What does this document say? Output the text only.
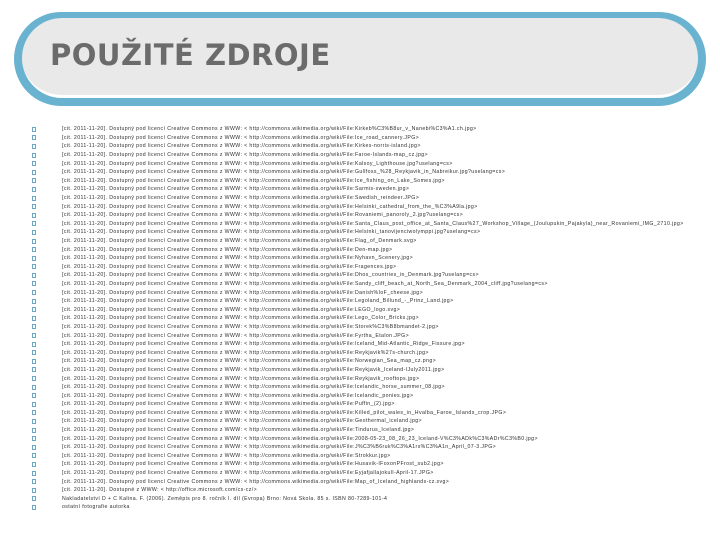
POUŽITÉ ZDROJE
[cit. 2011-11-20]. Dostupný pod licencí Creative Commons z WWW: < http://commons.wikimedia.org/wiki/File:Kirkeb%C3%B8ur_v_Nanebi%C3%A1.ch.jpg>
[cit. 2011-11-20]. Dostupný pod licencí Creative Commons z WWW: < http://commons.wikimedia.org/wiki/File:Ice_road_cannery.JPG>
[cit. 2011-11-20]. Dostupný pod licencí Creative Commons z WWW: < http://commons.wikimedia.org/wiki/File:Kirkes-norris-island.jpg>
[cit. 2011-11-20]. Dostupný pod licencí Creative Commons z WWW: < http://commons.wikimedia.org/wiki/File:Faroe-Islands-map_cz.jpg>
[cit. 2011-11-20]. Dostupný pod licencí Creative Commons z WWW: < http://commons.wikimedia.org/wiki/File:Kalsoy_Lighthouse.jpg?uselang=cs>
[cit. 2011-11-20]. Dostupný pod licencí Creative Commons z WWW: < http://commons.wikimedia.org/wiki/File:Gullfoss_%28_Reykjavik_in_Nabreikur.jpg?uselang=cs>
[cit. 2011-11-20]. Dostupný pod licencí Creative Commons z WWW: < http://commons.wikimedia.org/wiki/File:Ice_fishing_on_Lake_Somes.jpg>
[cit. 2011-11-20]. Dostupný pod licencí Creative Commons z WWW: < http://commons.wikimedia.org/wiki/File:Sarmis-sweden.jpg>
[cit. 2011-11-20]. Dostupný pod licencí Creative Commons z WWW: < http://commons.wikimedia.org/wiki/File:Swedish_reindeer.JPG>
[cit. 2011-11-20]. Dostupný pod licencí Creative Commons z WWW: < http://commons.wikimedia.org/wiki/File:Helsinki_cathedral_from_the_%C3%A9la.jpg>
[cit. 2011-11-20]. Dostupný pod licencí Creative Commons z WWW: < http://commons.wikimedia.org/wiki/File:Rovaniemi_panoroly_2.jpg?uselang=cs>
[cit. 2011-11-20]. Dostupný pod licencí Creative Commons z WWW: < http://commons.wikimedia.org/wiki/File:Santa_Claus_post_office_at_Santa_Claus%27_Workshop_Village_(Joulupukin_Pajakyla)_near_Rovaniemi_IMG_2710.jpg>
[cit. 2011-11-20]. Dostupný pod licencí Creative Commons z WWW: < http://commons.wikimedia.org/wiki/File:Helsinki_tanovijenciwolymppi.jpg?uselang=cs>
[cit. 2011-11-20]. Dostupný pod licencí Creative Commons z WWW: < http://commons.wikimedia.org/wiki/File:Flag_of_Denmark.svg>
[cit. 2011-11-20]. Dostupný pod licencí Creative Commons z WWW: < http://commons.wikimedia.org/wiki/File:Den-map.jpg>
[cit. 2011-11-20]. Dostupný pod licencí Creative Commons z WWW: < http://commons.wikimedia.org/wiki/File:Nyhavn_Scenery.jpg>
[cit. 2011-11-20]. Dostupný pod licencí Creative Commons z WWW: < http://commons.wikimedia.org/wiki/File:Fragences.jpg>
[cit. 2011-11-20]. Dostupný pod licencí Creative Commons z WWW: < http://commons.wikimedia.org/wiki/File:Dhos_countries_in_Denmark.jpg?uselang=cs>
[cit. 2011-11-20]. Dostupný pod licencí Creative Commons z WWW: < http://commons.wikimedia.org/wiki/File:Sandy_cliff_beach_at_North_Sea_Denmark_2004_cliff.jpg?uselang=cs>
[cit. 2011-11-20]. Dostupný pod licencí Creative Commons z WWW: < http://commons.wikimedia.org/wiki/File:Danish%IoF_cheese.jpg>
[cit. 2011-11-20]. Dostupný pod licencí Creative Commons z WWW: < http://commons.wikimedia.org/wiki/File:Legoland_Billund_-_Prinz_Land.jpg>
[cit. 2011-11-20]. Dostupný pod licencí Creative Commons z WWW: < http://commons.wikimedia.org/wiki/File:LEGO_logo.svg>
[cit. 2011-11-20]. Dostupný pod licencí Creative Commons z WWW: < http://commons.wikimedia.org/wiki/File:Lego_Color_Bricks.jpg>
[cit. 2011-11-20]. Dostupný pod licencí Creative Commons z WWW: < http://commons.wikimedia.org/wiki/File:Storek%C3%B8bmandet-2.jpg>
[cit. 2011-11-20]. Dostupný pod licencí Creative Commons z WWW: < http://commons.wikimedia.org/wiki/File:Fyrtha_Etalon.JPG>
[cit. 2011-11-20]. Dostupný pod licencí Creative Commons z WWW: < http://commons.wikimedia.org/wiki/File:Iceland_Mid-Atlantic_Ridge_Fissure.jpg>
[cit. 2011-11-20]. Dostupný pod licencí Creative Commons z WWW: < http://commons.wikimedia.org/wiki/File:Reykjavik%27s-church.jpg>
[cit. 2011-11-20]. Dostupný pod licencí Creative Commons z WWW: < http://commons.wikimedia.org/wiki/File:Norwegian_Sea_map_cz.png>
[cit. 2011-11-20]. Dostupný pod licencí Creative Commons z WWW: < http://commons.wikimedia.org/wiki/File:Reykjavik_Iceland-IJuly2011.jpg>
[cit. 2011-11-20]. Dostupný pod licencí Creative Commons z WWW: < http://commons.wikimedia.org/wiki/File:Reykjavik_rooftops.jpg>
[cit. 2011-11-20]. Dostupný pod licencí Creative Commons z WWW: < http://commons.wikimedia.org/wiki/File:Icelandic_horse_summer_08.jpg>
[cit. 2011-11-20]. Dostupný pod licencí Creative Commons z WWW: < http://commons.wikimedia.org/wiki/File:Icelandic_ponies.jpg>
[cit. 2011-11-20]. Dostupný pod licencí Creative Commons z WWW: < http://commons.wikimedia.org/wiki/File:Puffin_(2).jpg>
[cit. 2011-11-20]. Dostupný pod licencí Creative Commons z WWW: < http://commons.wikimedia.org/wiki/File:Killed_pilot_wales_in_Hvalba_Faroe_Islands_crop.JPG>
[cit. 2011-11-20]. Dostupný pod licencí Creative Commons z WWW: < http://commons.wikimedia.org/wiki/File:Geothermal_iceland.jpg>
[cit. 2011-11-20]. Dostupný pod licencí Creative Commons z WWW: < http://commons.wikimedia.org/wiki/File:Tindurus_Iceland.jpg>
[cit. 2011-11-20]. Dostupný pod licencí Creative Commons z WWW: < http://commons.wikimedia.org/wiki/File:2008-05-23_08_26_23_Iceland-V%C3%ADk%C3%ADr%C3%B0.jpg>
[cit. 2011-11-20]. Dostupný pod licencí Creative Commons z WWW: < http://commons.wikimedia.org/wiki/File:J%C3%B6ruk%C3%A1rs%C3%A1n_April_07-3.JPG>
[cit. 2011-11-20]. Dostupný pod licencí Creative Commons z WWW: < http://commons.wikimedia.org/wiki/File:Strokkur.jpg>
[cit. 2011-11-20]. Dostupný pod licencí Creative Commons z WWW: < http://commons.wikimedia.org/wiki/File:Husavik-IFoxonPFrost_sub2.jpg>
[cit. 2011-11-20]. Dostupný pod licencí Creative Commons z WWW: < http://commons.wikimedia.org/wiki/File:Eyjafjallajokull-April-17.JPG>
[cit. 2011-11-20]. Dostupný pod licencí Creative Commons z WWW: < http://commons.wikimedia.org/wiki/File:Map_of_Iceland_highlands-cz.svg>
[cit. 2011-11-20]. Dostupné z WWW: < http://office.microsoft.com/cs-cz/>
Nakladatelství D + C Kalina. F. (2006). Zeměpis pro 8. ročník I. díl (Evropa) Brno: Nová Škola. 85 s. ISBN 80-7289-101-4
ostatní fotografie autorka
